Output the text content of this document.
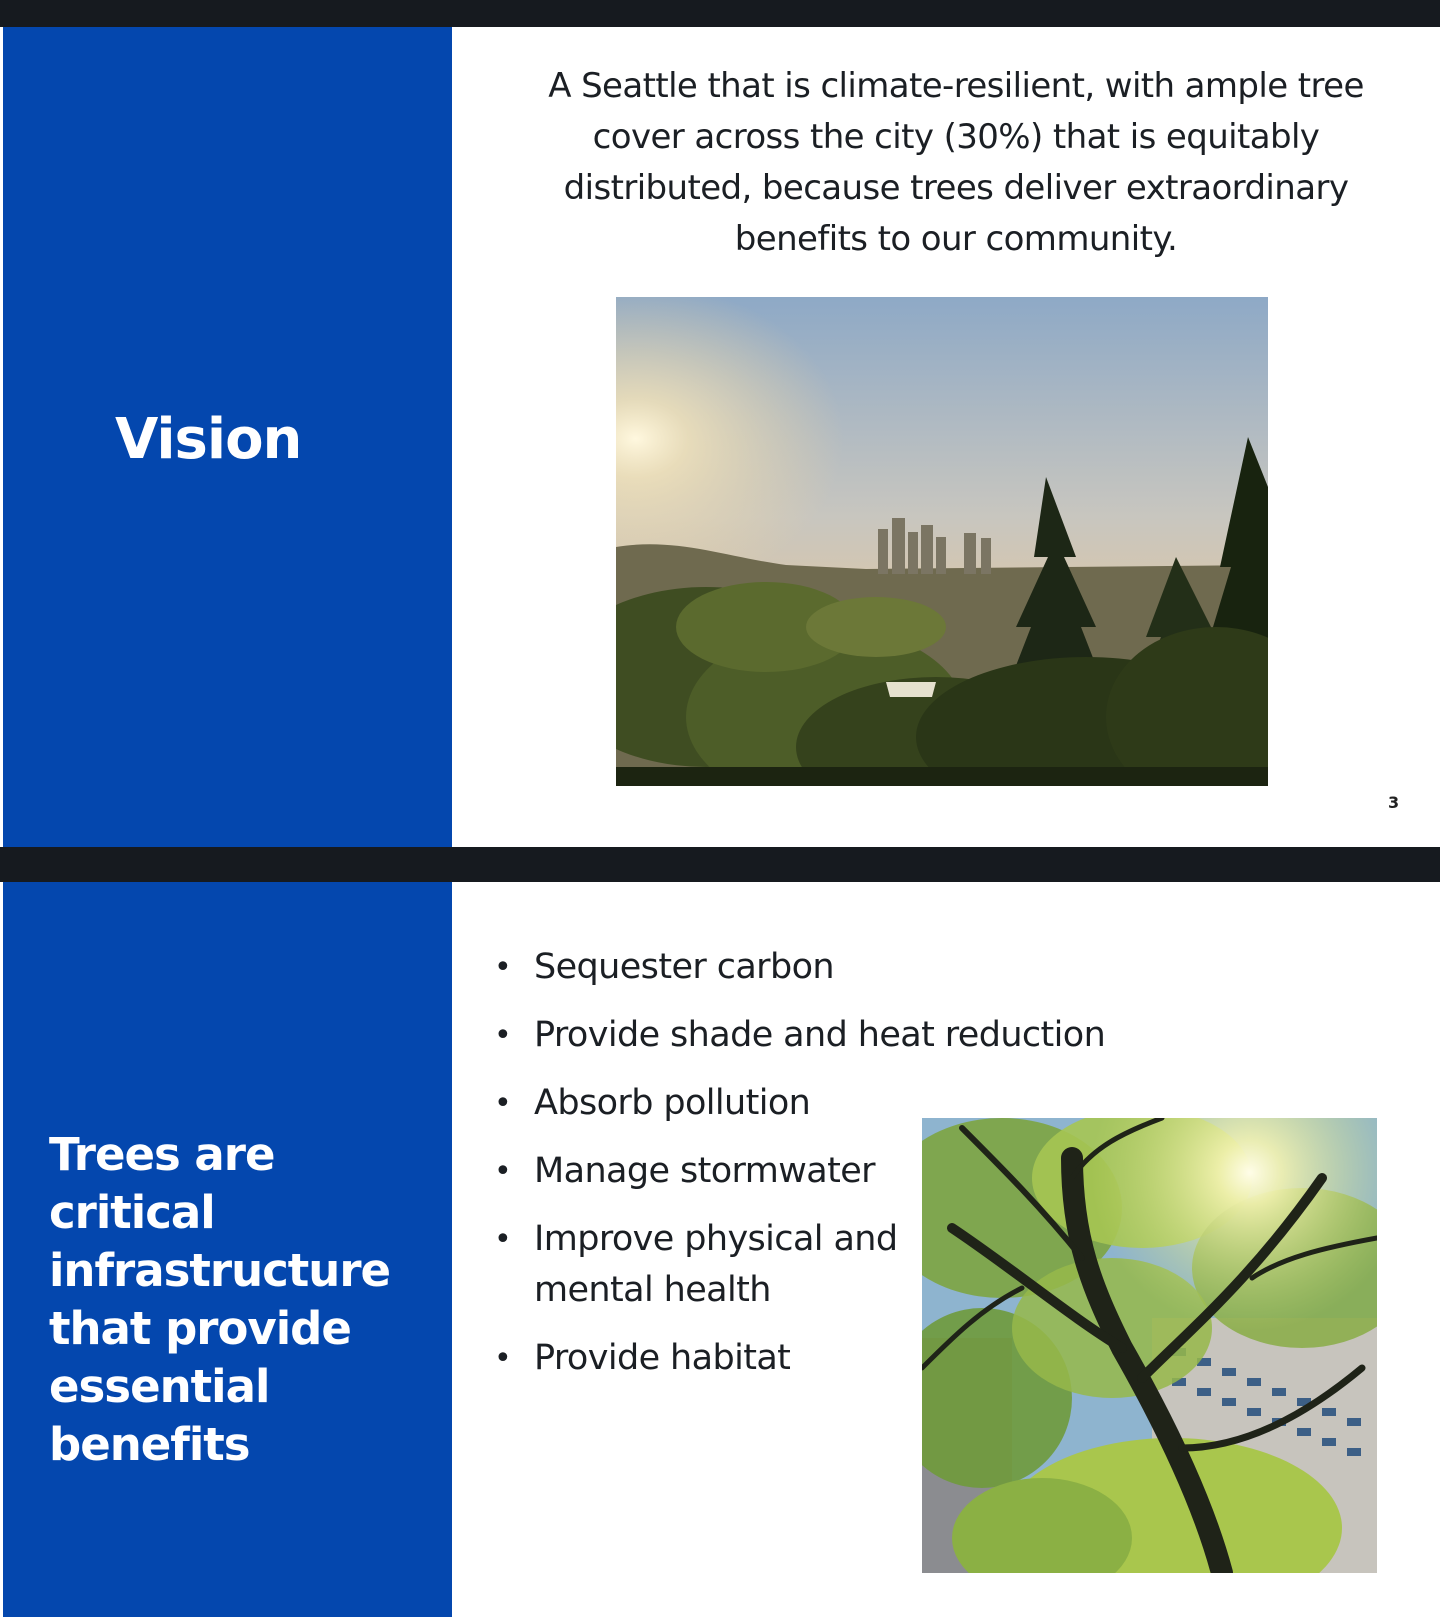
Vision
A Seattle that is climate-resilient, with ample tree cover across the city (30%) that is equitably distributed, because trees deliver extraordinary benefits to our community.
3
Trees are critical infrastructure that provide essential benefits
• Sequester carbon
• Provide shade and heat reduction
• Absorb pollution
• Manage stormwater
• Improve physical and mental health
• Provide habitat
